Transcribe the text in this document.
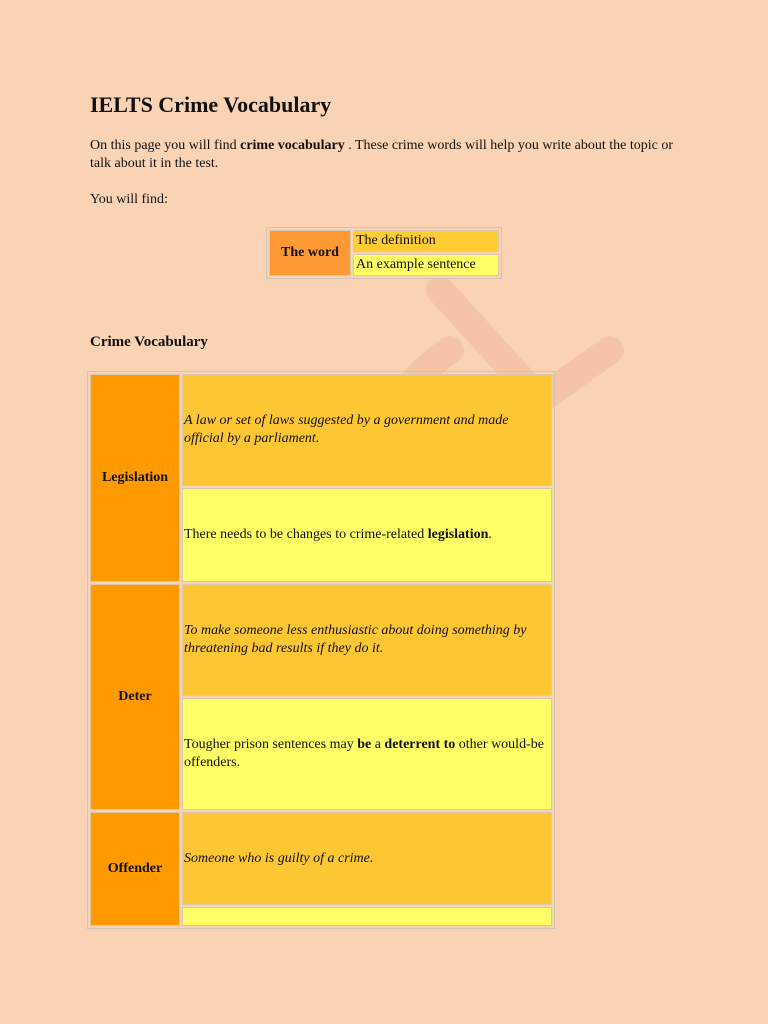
IELTS Crime Vocabulary

On this page you will find crime vocabulary . These crime words will help you write about the topic or talk about it in the test.

You will find:

The word	The definition
An example sentence
Crime Vocabulary
Legislation	A law or set of laws suggested by a government and made official by a parliament.
	There needs to be changes to crime-related legislation.
Deter	To make someone less enthusiastic about doing something by threatening bad results if they do it.
	Tougher prison sentences may be a deterrent to other would-be offenders.
Offender	Someone who is guilty of a crime.
